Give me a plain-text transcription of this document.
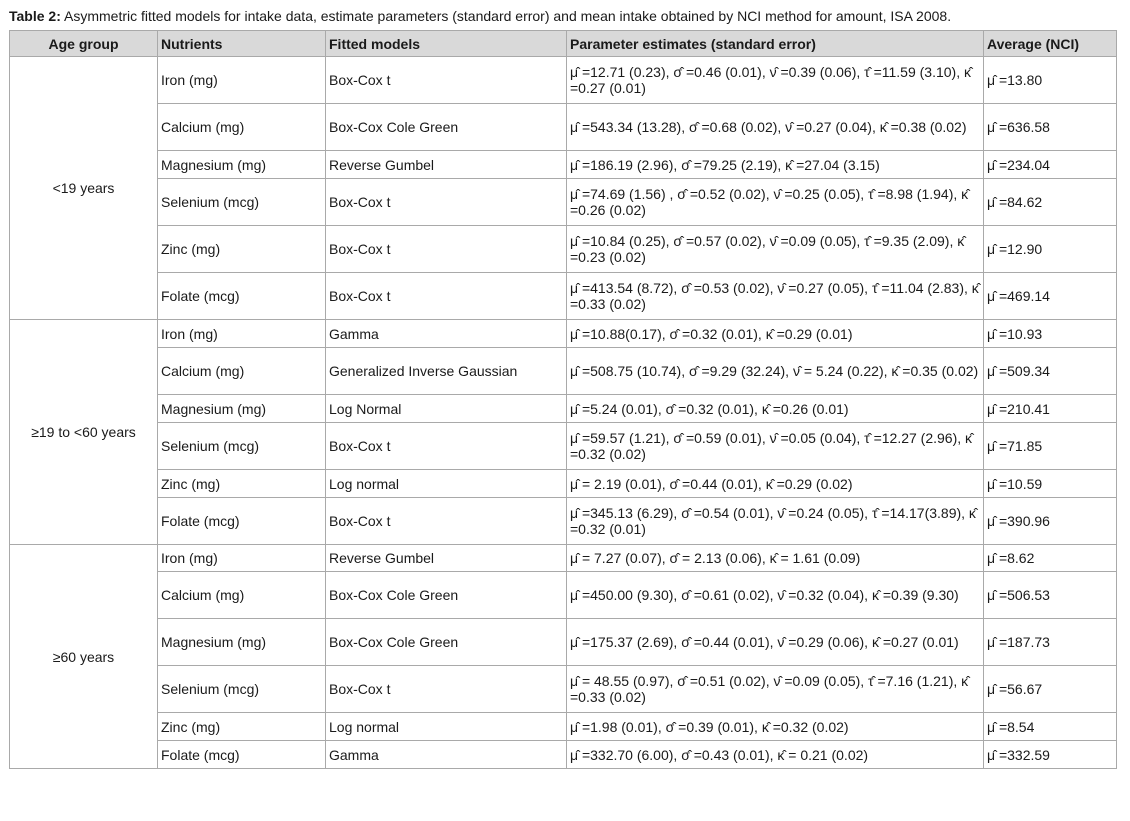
Table 2: Asymmetric fitted models for intake data, estimate parameters (standard error) and mean intake obtained by NCI method for amount, ISA 2008.
Age group	Nutrients	Fitted models	Parameter estimates (standard error)	Average (NCI)
<19 years	Iron (mg)	Box-Cox t	μ̂ =12.71 (0.23), σ̂ =0.46 (0.01), ν̂ =0.39 (0.06), τ̂ =11.59 (3.10), κ̂ =0.27 (0.01)	μ̂ =13.80
	Calcium (mg)	Box-Cox Cole Green	μ̂ =543.34 (13.28), σ̂ =0.68 (0.02), ν̂ =0.27 (0.04), κ̂ =0.38 (0.02)	μ̂ =636.58
	Magnesium (mg)	Reverse Gumbel	μ̂ =186.19 (2.96), σ̂ =79.25 (2.19), κ̂ =27.04 (3.15)	μ̂ =234.04
	Selenium (mcg)	Box-Cox t	μ̂ =74.69 (1.56) , σ̂ =0.52 (0.02), ν̂ =0.25 (0.05), τ̂ =8.98 (1.94), κ̂ =0.26 (0.02)	μ̂ =84.62
	Zinc (mg)	Box-Cox t	μ̂ =10.84 (0.25), σ̂ =0.57 (0.02), ν̂ =0.09 (0.05), τ̂ =9.35 (2.09), κ̂ =0.23 (0.02)	μ̂ =12.90
	Folate (mcg)	Box-Cox t	μ̂ =413.54 (8.72), σ̂ =0.53 (0.02), ν̂ =0.27 (0.05), τ̂ =11.04 (2.83), κ̂ =0.33 (0.02)	μ̂ =469.14
≥19 to <60 years	Iron (mg)	Gamma	μ̂ =10.88(0.17), σ̂ =0.32 (0.01), κ̂ =0.29 (0.01)	μ̂ =10.93
	Calcium (mg)	Generalized Inverse Gaussian	μ̂ =508.75 (10.74), σ̂ =9.29 (32.24), ν̂ = 5.24 (0.22), κ̂ =0.35 (0.02)	μ̂ =509.34
	Magnesium (mg)	Log Normal	μ̂ =5.24 (0.01), σ̂ =0.32 (0.01), κ̂ =0.26 (0.01)	μ̂ =210.41
	Selenium (mcg)	Box-Cox t	μ̂ =59.57 (1.21), σ̂ =0.59 (0.01), ν̂ =0.05 (0.04), τ̂ =12.27 (2.96), κ̂ =0.32 (0.02)	μ̂ =71.85
	Zinc (mg)	Log normal	μ̂ = 2.19 (0.01), σ̂ =0.44 (0.01), κ̂ =0.29 (0.02)	μ̂ =10.59
	Folate (mcg)	Box-Cox t	μ̂ =345.13 (6.29), σ̂ =0.54 (0.01), ν̂ =0.24 (0.05), τ̂ =14.17(3.89), κ̂ =0.32 (0.01)	μ̂ =390.96
≥60 years	Iron (mg)	Reverse Gumbel	μ̂ = 7.27 (0.07), σ̂ = 2.13 (0.06), κ̂ = 1.61 (0.09)	μ̂ =8.62
	Calcium (mg)	Box-Cox Cole Green	μ̂ =450.00 (9.30), σ̂ =0.61 (0.02), ν̂ =0.32 (0.04), κ̂ =0.39 (9.30)	μ̂ =506.53
	Magnesium (mg)	Box-Cox Cole Green	μ̂ =175.37 (2.69), σ̂ =0.44 (0.01), ν̂ =0.29 (0.06), κ̂ =0.27 (0.01)	μ̂ =187.73
	Selenium (mcg)	Box-Cox t	μ̂ = 48.55 (0.97), σ̂ =0.51 (0.02), ν̂ =0.09 (0.05), τ̂ =7.16 (1.21), κ̂ =0.33 (0.02)	μ̂ =56.67
	Zinc (mg)	Log normal	μ̂ =1.98 (0.01), σ̂ =0.39 (0.01), κ̂ =0.32 (0.02)	μ̂ =8.54
	Folate (mcg)	Gamma	μ̂ =332.70 (6.00), σ̂ =0.43 (0.01), κ̂ = 0.21 (0.02)	μ̂ =332.59
